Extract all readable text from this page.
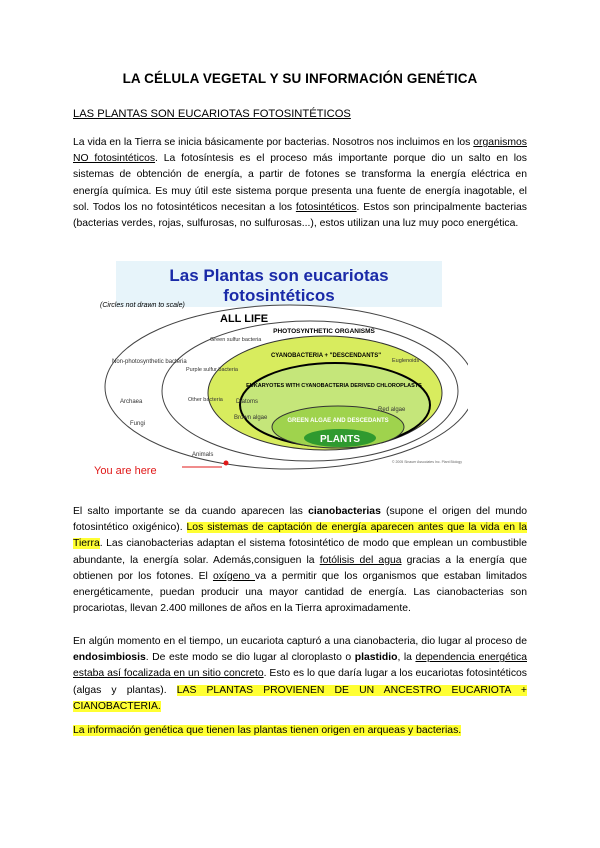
LA CÉLULA VEGETAL Y SU INFORMACIÓN GENÉTICA
LAS PLANTAS SON EUCARIOTAS FOTOSINTÉTICOS

La vida en la Tierra se inicia básicamente por bacterias. Nosotros nos incluimos en los organismos NO fotosintéticos. La fotosíntesis es el proceso más importante porque dio un salto en los sistemas de obtención de energía, a partir de fotones se transforma la energía eléctrica en energía química. Es muy útil este sistema porque presenta una fuente de energía inagotable, el sol. Todos los no fotosintéticos necesitan a los fotosintéticos. Estos son principalmente bacterias (bacterias verdes, rojas, sulfurosas, no sulfurosas...), estos utilizan una luz muy poco energética.

Las Plantas son eucariotas
fotosintéticos
(Circles not drawn to scale)
ALL LIFE
PHOTOSYNTHETIC ORGANISMS
CYANOBACTERIA + "DESCENDANTS"
EUKARYOTES WITH CYANOBACTERIA DERIVED CHLOROPLASTS
GREEN ALGAE AND DESCEDANTS
PLANTS
Non-photosynthetic bacteria
Archaea
Fungi
Animals
Green sulfur bacteria
Purple sulfur bacteria
Other bacteria Diatoms
Brown algae
Red algae
Euglenoids
You are here
© 2005 Sinauer Associates Inc. Plant Biology

El salto importante se da cuando aparecen las cianobacterias (supone el origen del mundo fotosintético oxigénico). Los sistemas de captación de energía aparecen antes que la vida en la Tierra. Las cianobacterias adaptan el sistema fotosintético de modo que emplean un combustible abundante, la energía solar. Además,consiguen la fotólisis del agua gracias a la energía que obtienen por los fotones. El oxígeno va a permitir que los organismos que estaban limitados energéticamente, puedan producir una mayor cantidad de energía. Las cianobacterias son procariotas, llevan 2.400 millones de años en la Tierra aproximadamente.

En algún momento en el tiempo, un eucariota capturó a una cianobacteria, dio lugar al proceso de endosimbiosis. De este modo se dio lugar al cloroplasto o plastidio, la dependencia energética estaba así focalizada en un sitio concreto. Esto es lo que daría lugar a los eucariotas fotosintéticos (algas y plantas). LAS PLANTAS PROVIENEN DE UN ANCESTRO EUCARIOTA + CIANOBACTERIA.

La información genética que tienen las plantas tienen origen en arqueas y bacterias.
